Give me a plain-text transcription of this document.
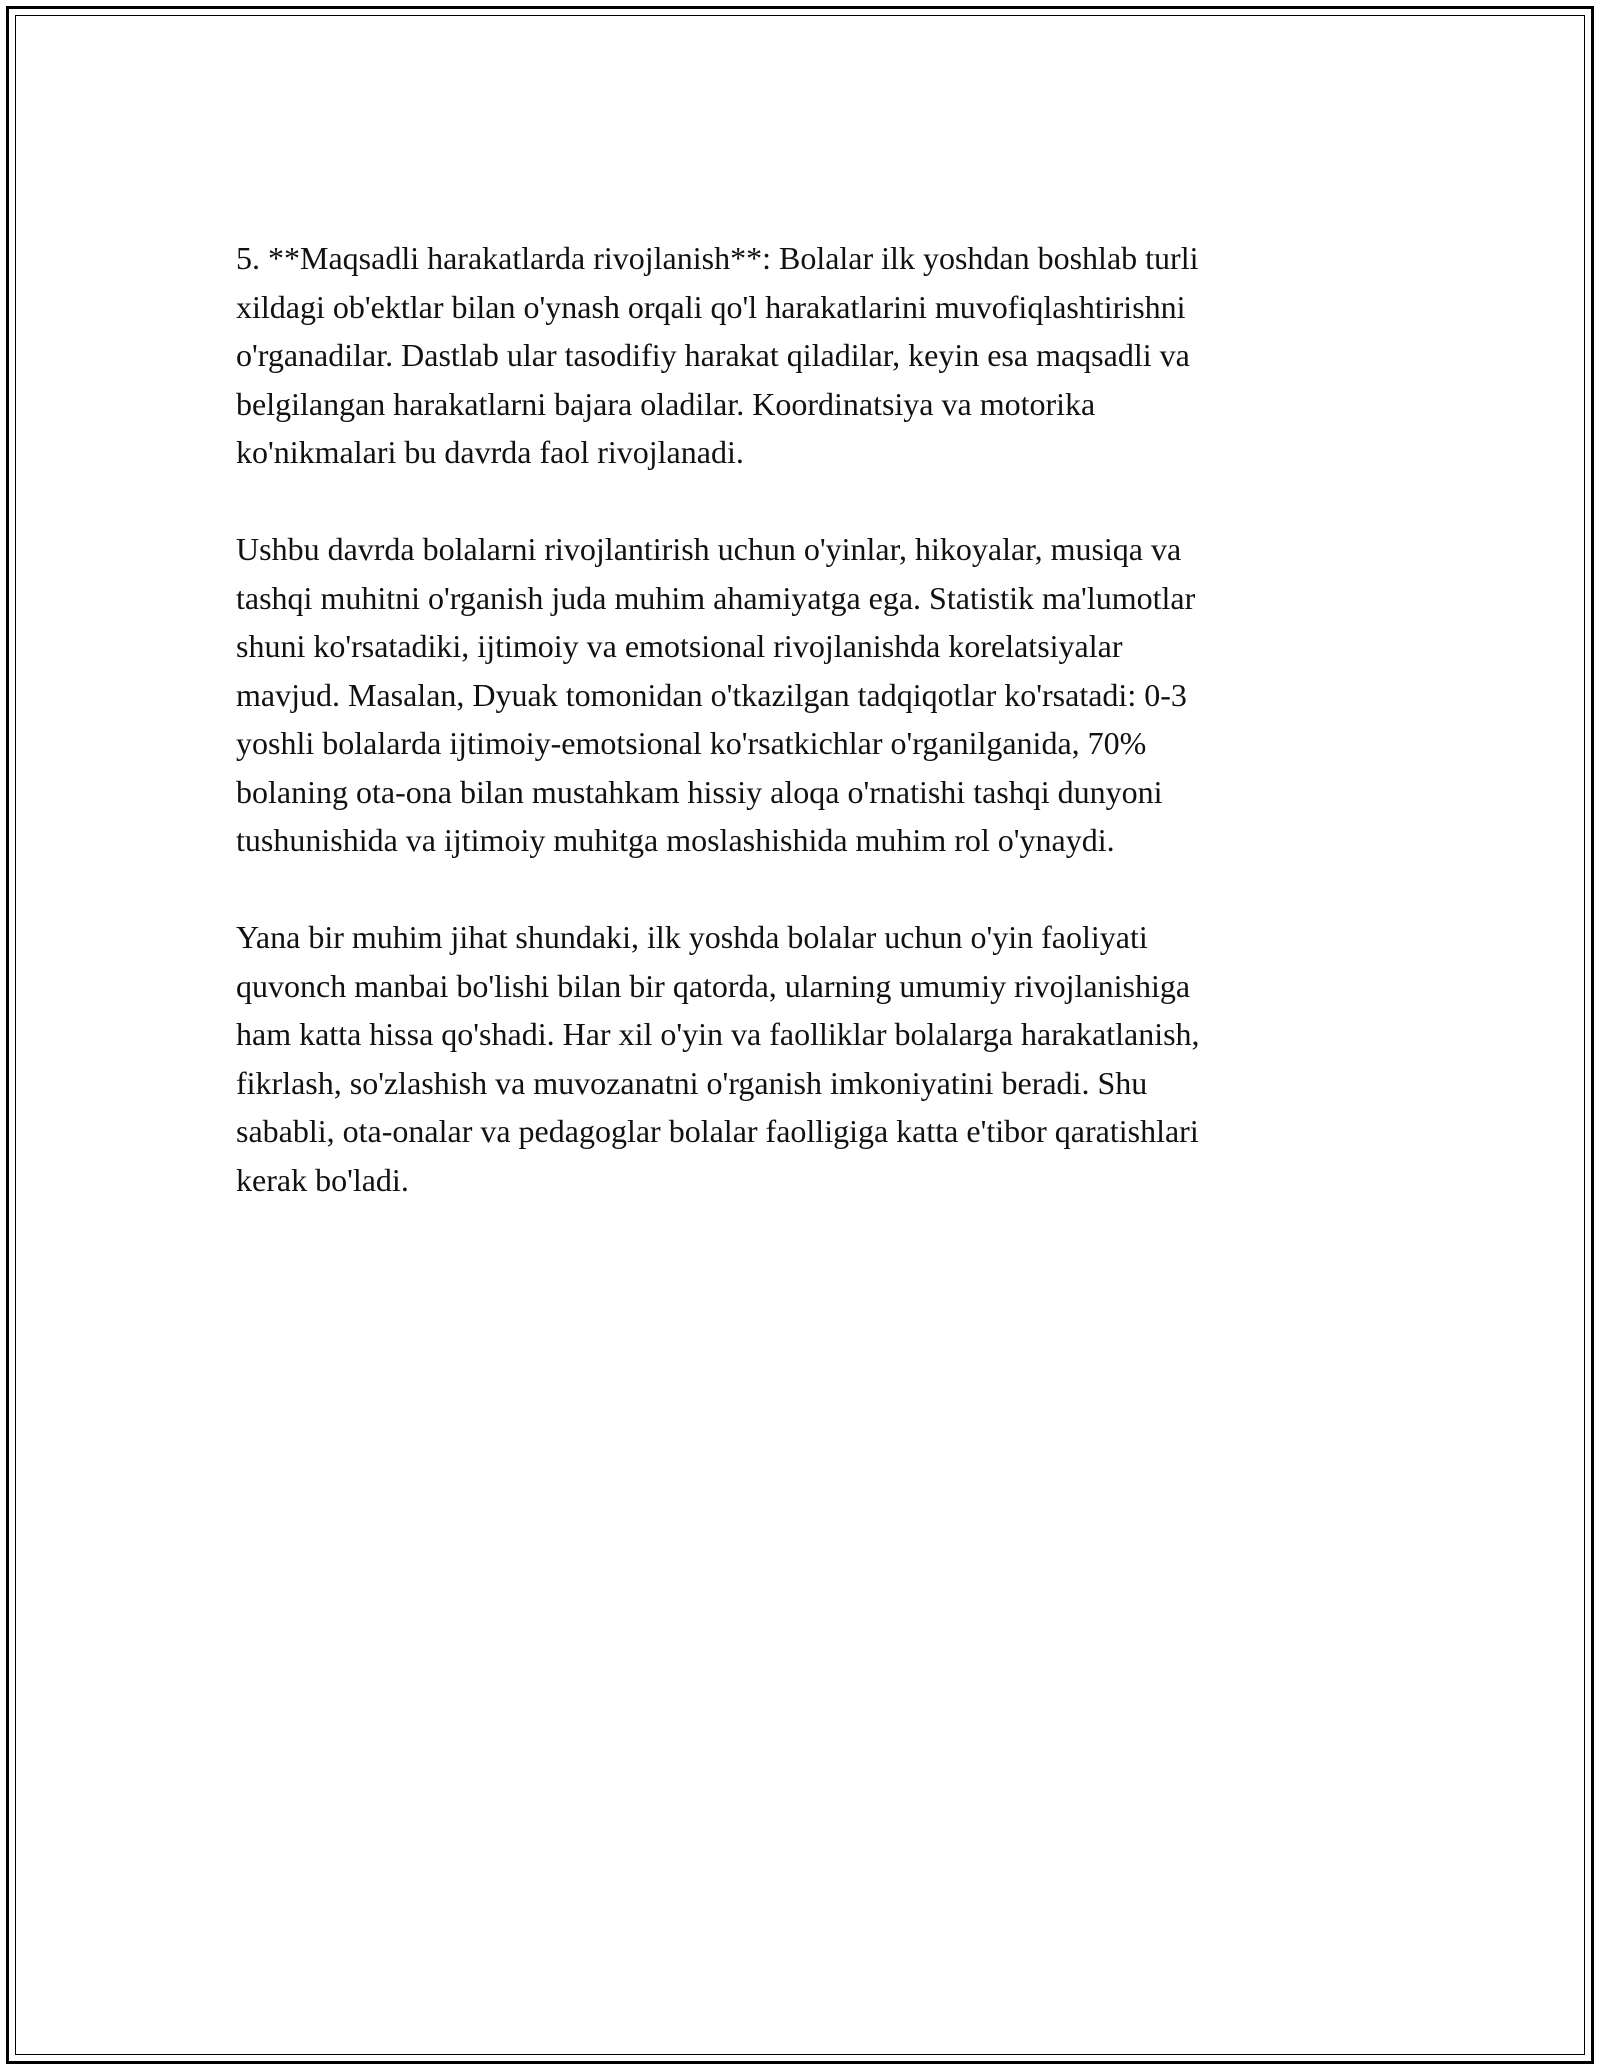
5. **Maqsadli harakatlarda rivojlanish**: Bolalar ilk yoshdan boshlab turli
xildagi ob'ektlar bilan o'ynash orqali qo'l harakatlarini muvofiqlashtirishni
o'rganadilar. Dastlab ular tasodifiy harakat qiladilar, keyin esa maqsadli va
belgilangan harakatlarni bajara oladilar. Koordinatsiya va motorika
ko'nikmalari bu davrda faol rivojlanadi.

Ushbu davrda bolalarni rivojlantirish uchun o'yinlar, hikoyalar, musiqa va
tashqi muhitni o'rganish juda muhim ahamiyatga ega. Statistik ma'lumotlar
shuni ko'rsatadiki, ijtimoiy va emotsional rivojlanishda korelatsiyalar
mavjud. Masalan, Dyuak tomonidan o'tkazilgan tadqiqotlar ko'rsatadi: 0-3
yoshli bolalarda ijtimoiy-emotsional ko'rsatkichlar o'rganilganida, 70%
bolaning ota-ona bilan mustahkam hissiy aloqa o'rnatishi tashqi dunyoni
tushunishida va ijtimoiy muhitga moslashishida muhim rol o'ynaydi.

Yana bir muhim jihat shundaki, ilk yoshda bolalar uchun o'yin faoliyati
quvonch manbai bo'lishi bilan bir qatorda, ularning umumiy rivojlanishiga
ham katta hissa qo'shadi. Har xil o'yin va faolliklar bolalarga harakatlanish,
fikrlash, so'zlashish va muvozanatni o'rganish imkoniyatini beradi. Shu
sababli, ota-onalar va pedagoglar bolalar faolligiga katta e'tibor qaratishlari
kerak bo'ladi.
